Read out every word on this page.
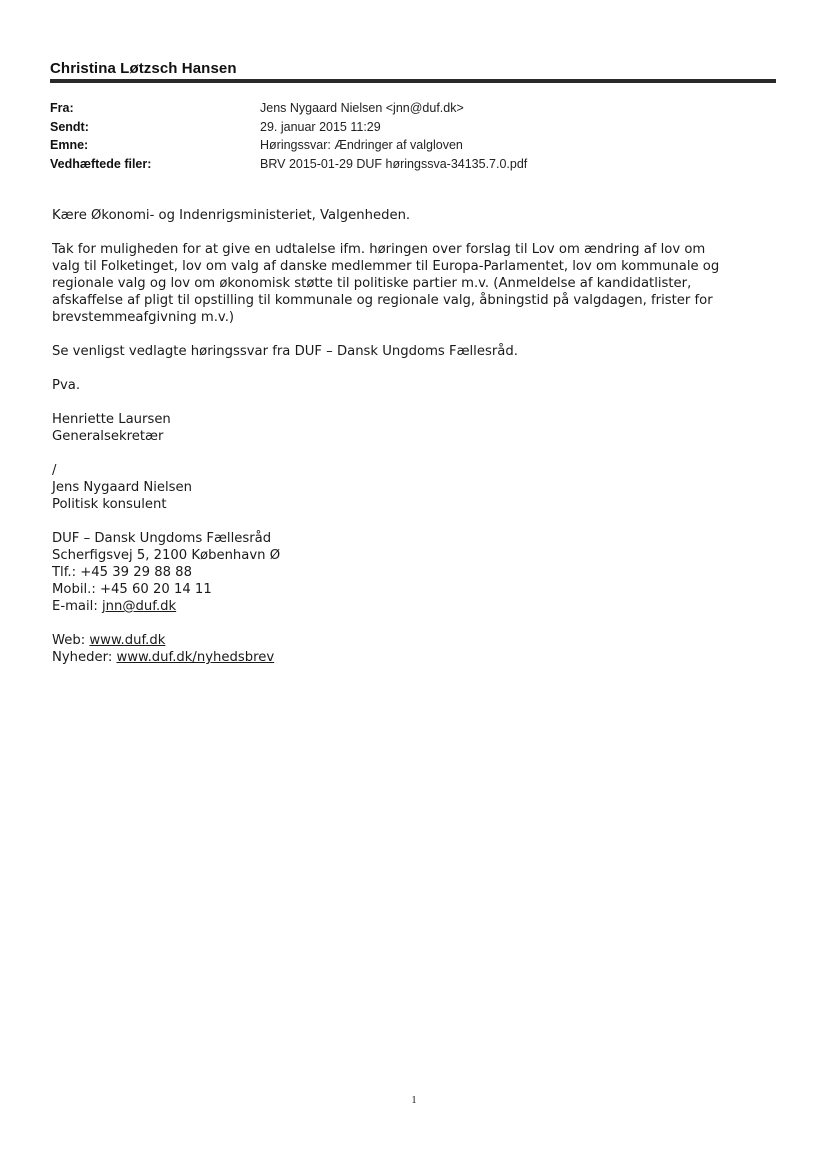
Christina Løtzsch Hansen
Fra:	Jens Nygaard Nielsen <jnn@duf.dk>
Sendt:	29. januar 2015 11:29
Emne:	Høringssvar: Ændringer af valgloven
Vedhæftede filer:	BRV 2015-01-29 DUF høringssva-34135.7.0.pdf

Kære Økonomi- og Indenrigsministeriet, Valgenheden.

Tak for muligheden for at give en udtalelse ifm. høringen over forslag til Lov om ændring af lov om

valg til Folketinget, lov om valg af danske medlemmer til Europa-Parlamentet, lov om kommunale og

regionale valg og lov om økonomisk støtte til politiske partier m.v. (Anmeldelse af kandidatlister,

afskaffelse af pligt til opstilling til kommunale og regionale valg, åbningstid på valgdagen, frister for

brevstemmeafgivning m.v.)

Se venligst vedlagte høringssvar fra DUF – Dansk Ungdoms Fællesråd.

Pva.

Henriette Laursen

Generalsekretær

/

Jens Nygaard Nielsen

Politisk konsulent

DUF – Dansk Ungdoms Fællesråd

Scherfigsvej 5, 2100 København Ø

Tlf.: +45 39 29 88 88

Mobil.: +45 60 20 14 11

E-mail: jnn@duf.dk

Web: www.duf.dk

Nyheder: www.duf.dk/nyhedsbrev

1
